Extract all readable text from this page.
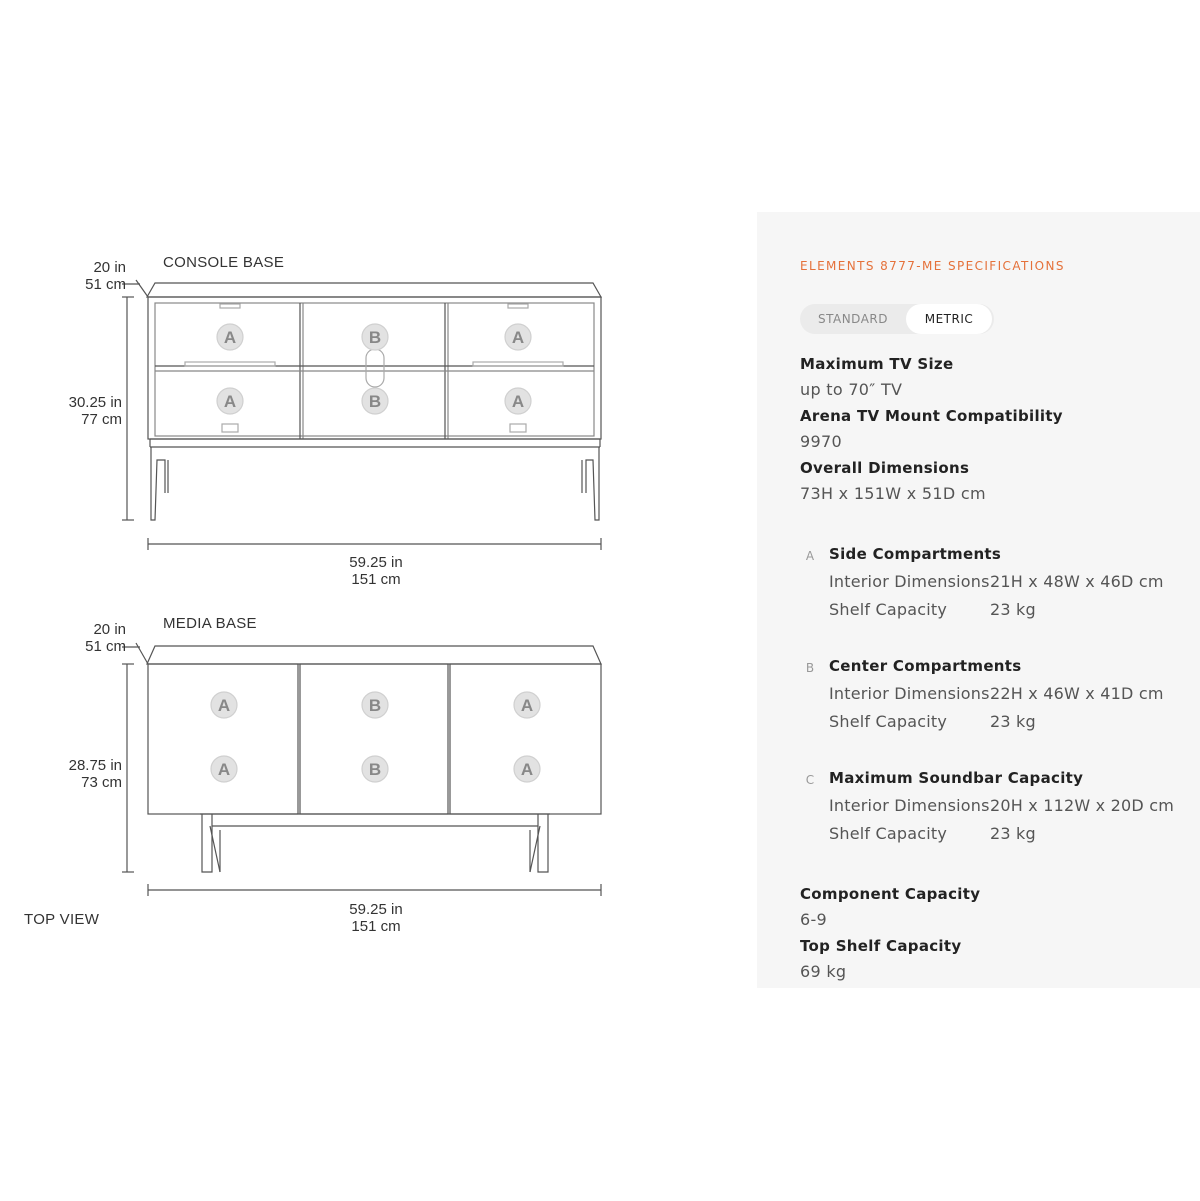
A	B	A
A	B	A
A	B	A
A	B	A
CONSOLE BASE
20 in
51 cm
30.25 in
77 cm
59.25 in
151 cm
MEDIA BASE
20 in
51 cm
28.75 in
73 cm
59.25 in
151 cm
TOP VIEW
ELEMENTS 8777-ME SPECIFICATIONS
STANDARD	METRIC
Maximum TV Size
up to 70″ TV
Arena TV Mount Compatibility
9970
Overall Dimensions
73H x 151W x 51D cm
A Side Compartments
Interior Dimensions 21H x 48W x 46D cm
Shelf Capacity	23 kg
B Center Compartments
Interior Dimensions 22H x 46W x 41D cm
Shelf Capacity	23 kg
C Maximum Soundbar Capacity
Interior Dimensions 20H x 112W x 20D cm
Shelf Capacity	23 kg
Component Capacity
6-9
Top Shelf Capacity
69 kg
